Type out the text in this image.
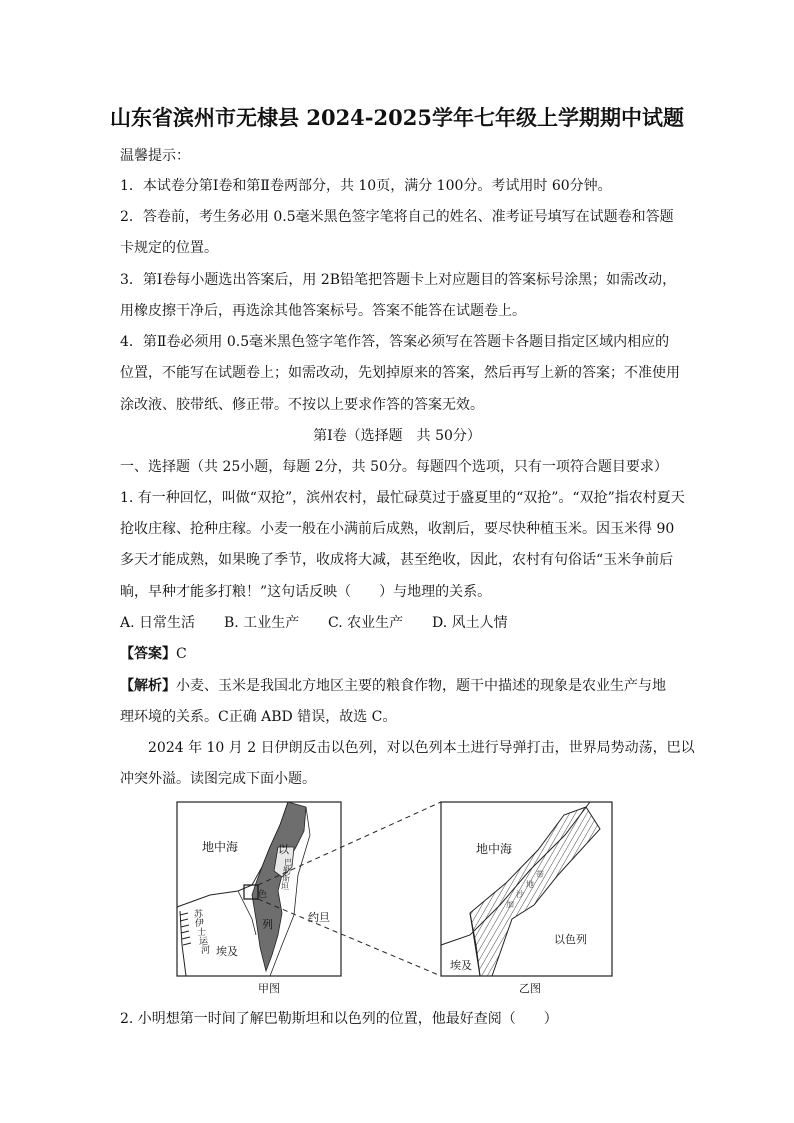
山东省滨州市无棣县 2024-2025学年七年级上学期期中试题
温馨提示：
1．本试卷分第Ⅰ卷和第Ⅱ卷两部分，共 10页，满分 100分。考试用时 60分钟。
2．答卷前，考生务必用 0.5毫米黑色签字笔将自己的姓名、准考证号填写在试题卷和答题
卡规定的位置。
3．第Ⅰ卷每小题选出答案后，用 2B铅笔把答题卡上对应题目的答案标号涂黑；如需改动，
用橡皮擦干净后，再选涂其他答案标号。答案不能答在试题卷上。
4．第Ⅱ卷必须用 0.5毫米黑色签字笔作答，答案必须写在答题卡各题目指定区域内相应的
位置，不能写在试题卷上；如需改动，先划掉原来的答案，然后再写上新的答案；不准使用
涂改液、胶带纸、修正带。不按以上要求作答的答案无效。
第Ⅰ卷（选择题　共 50分）
一、选择题（共 25小题，每题 2分，共 50分。每题四个选项，只有一项符合题目要求）
1. 有一种回忆，叫做“双抢”，滨州农村，最忙碌莫过于盛夏里的“双抢”。“双抢”指农村夏天
抢收庄稼、抢种庄稼。小麦一般在小满前后成熟，收割后，要尽快种植玉米。因玉米得 90
多天才能成熟，如果晚了季节，收成将大减，甚至绝收，因此，农村有句俗话“玉米争前后
晌，早种才能多打粮！”这句话反映（　　）与地理的关系。
A. 日常生活 B. 工业生产 C. 农业生产 D. 风土人情
【答案】C
【解析】小麦、玉米是我国北方地区主要的粮食作物，题干中描述的现象是农业生产与地
理环境的关系。C正确 ABD 错误，故选 C。
2024 年 10 月 2 日伊朗反击以色列，对以色列本土进行导弹打击，世界局势动荡，巴以
冲突外溢。读图完成下面小题。
地中海	以
色
列
巴
勒
斯
坦
约旦
埃及
苏
伊
士
运
河
地中海
加
沙
地
带
以色列
埃及
甲图	乙图
2. 小明想第一时间了解巴勒斯坦和以色列的位置，他最好查阅（　　）
